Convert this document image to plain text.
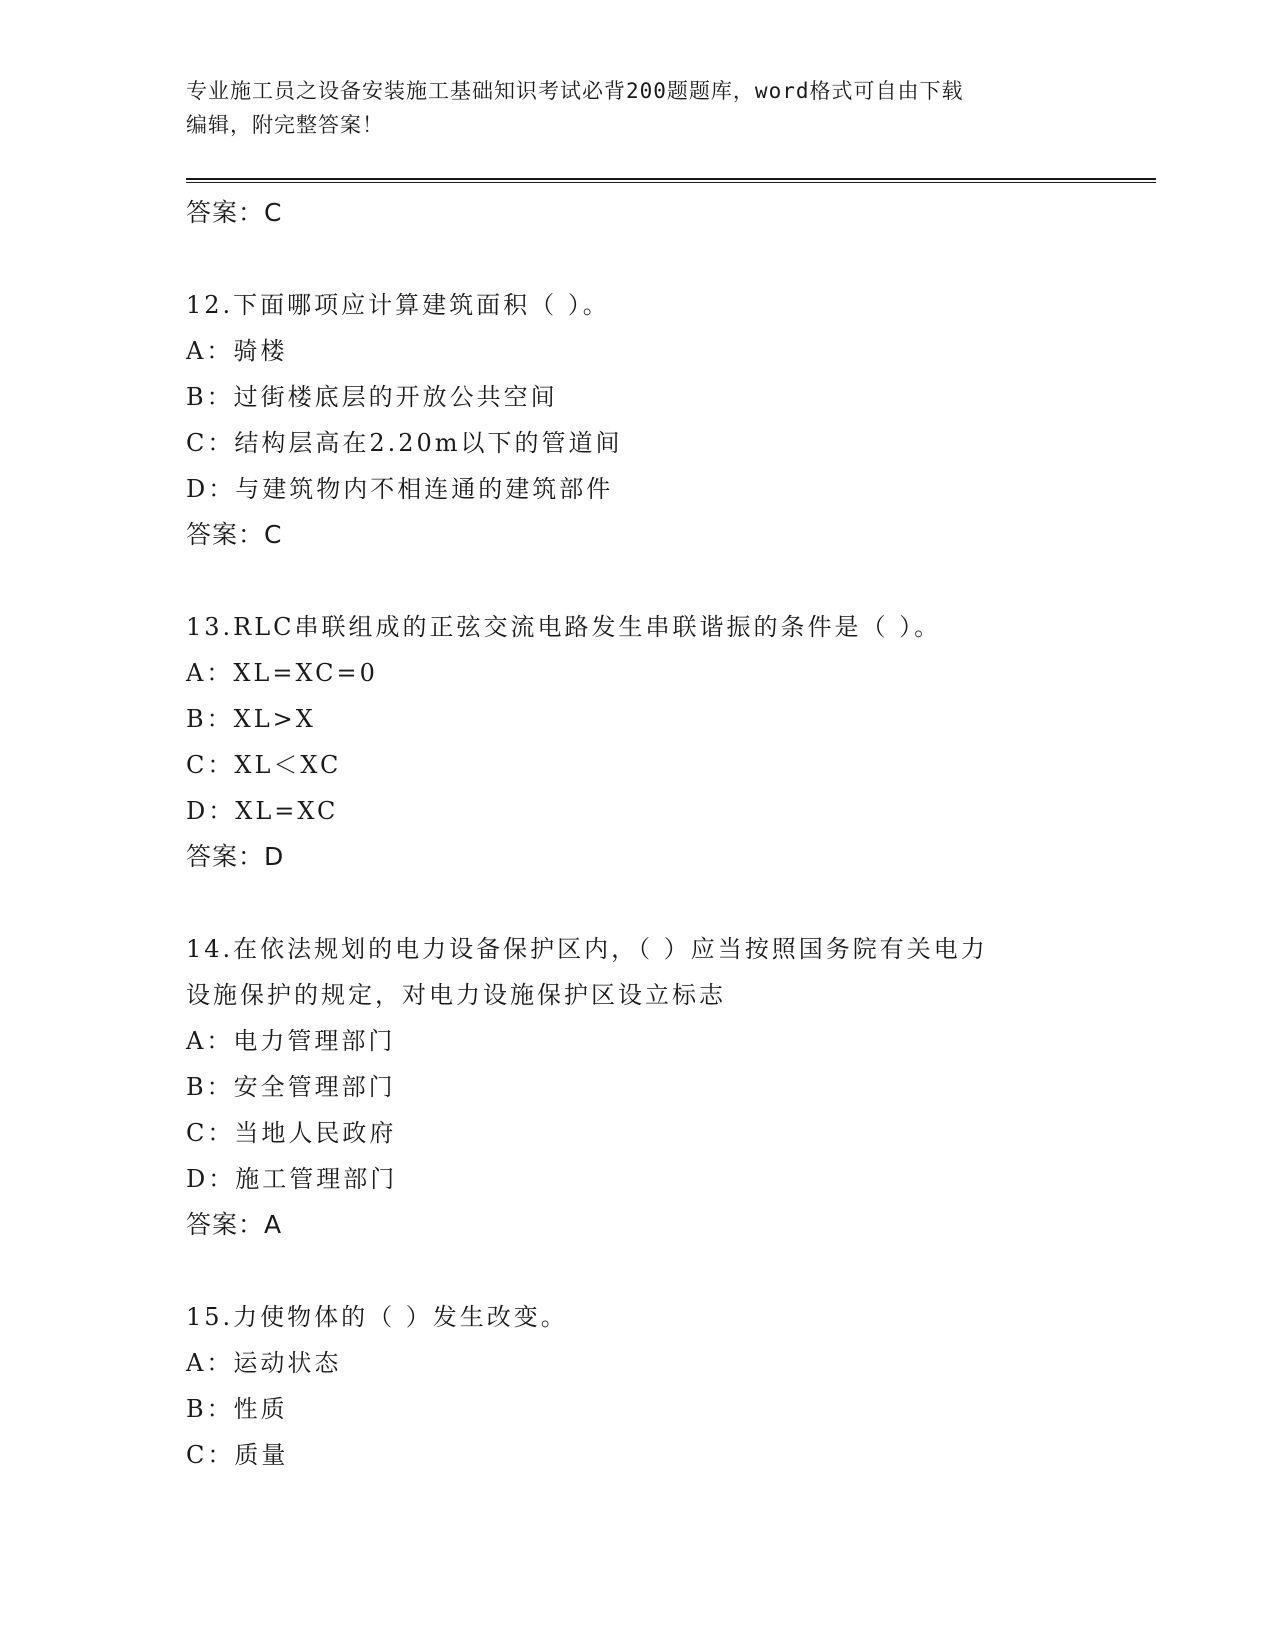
专业施工员之设备安装施工基础知识考试必背200题题库，word格式可自由下载
编辑，附完整答案！
答案：C
12.下面哪项应计算建筑面积（ ）。
A：骑楼
B：过街楼底层的开放公共空间
C：结构层高在2.20m以下的管道间
D：与建筑物内不相连通的建筑部件
答案：C
13.RLC串联组成的正弦交流电路发生串联谐振的条件是（ ）。
A：XL=XC=0
B：XL>X
C：XL＜XC
D：XL=XC
答案：D
14.在依法规划的电力设备保护区内，（ ）应当按照国务院有关电力
设施保护的规定，对电力设施保护区设立标志
A：电力管理部门
B：安全管理部门
C：当地人民政府
D：施工管理部门
答案：A
15.力使物体的（ ）发生改变。
A：运动状态
B：性质
C：质量
